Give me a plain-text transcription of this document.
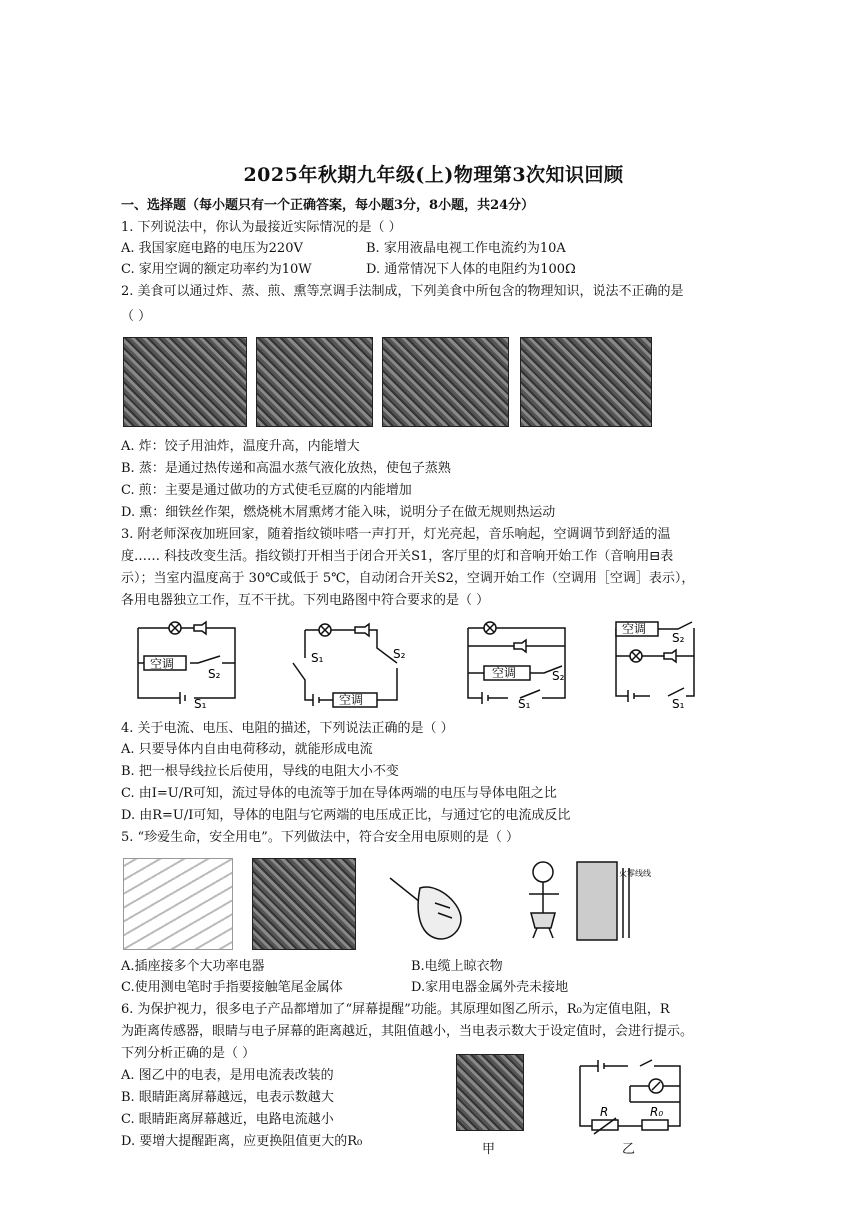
2025年秋期九年级(上)物理第3次知识回顾
一、选择题（每小题只有一个正确答案，每小题3分，8小题，共24分）
1. 下列说法中，你认为最接近实际情况的是（ ）
A. 我国家庭电路的电压为220V	B. 家用液晶电视工作电流约为10A
C. 家用空调的额定功率约为10W	D. 通常情况下人体的电阻约为100Ω
2. 美食可以通过炸、蒸、煎、熏等烹调手法制成，下列美食中所包含的物理知识，说法不正确的是
（ ）
A. 炸：饺子用油炸，温度升高，内能增大
B. 蒸：是通过热传递和高温水蒸气液化放热，使包子蒸熟
C. 煎：主要是通过做功的方式使毛豆腐的内能增加
D. 熏：细铁丝作架，燃烧桃木屑熏烤才能入味，说明分子在做无规则热运动
3. 附老师深夜加班回家，随着指纹锁咔嗒一声打开，灯光亮起，音乐响起，空调调节到舒适的温
度…… 科技改变生活。指纹锁打开相当于闭合开关S1，客厅里的灯和音响开始工作（音响用⊟表
示）；当室内温度高于 30℃或低于 5℃，自动闭合开关S2，空调开始工作（空调用［空调］表示），
各用电器独立工作，互不干扰。下列电路图中符合要求的是（ ）
空调
S₂
S₁	空调
S₁	S₂
空调	S₂
S₁
空调
S₂
S₁
4. 关于电流、电压、电阻的描述，下列说法正确的是（ ）
A. 只要导体内自由电荷移动，就能形成电流
B. 把一根导线拉长后使用，导线的电阻大小不变
C. 由I=U/R可知，流过导体的电流等于加在导体两端的电压与导体电阻之比
D. 由R=U/I可知，导体的电阻与它两端的电压成正比，与通过它的电流成反比
5. “珍爱生命，安全用电”。下列做法中，符合安全用电原则的是（ ）
火零线线
A.插座接多个大功率电器	B.电缆上晾衣物
C.使用测电笔时手指要接触笔尾金属体	D.家用电器金属外壳未接地
6. 为保护视力，很多电子产品都增加了“屏幕提醒”功能。其原理如图乙所示，R₀为定值电阻，R
为距离传感器，眼睛与电子屏幕的距离越近，其阻值越小，当电表示数大于设定值时，会进行提示。
下列分析正确的是（ ）
A. 图乙中的电表，是用电流表改装的
B. 眼睛距离屏幕越远，电表示数越大
C. 眼睛距离屏幕越近，电路电流越小
D. 要增大提醒距离，应更换阻值更大的R₀
甲
R	R₀
乙
